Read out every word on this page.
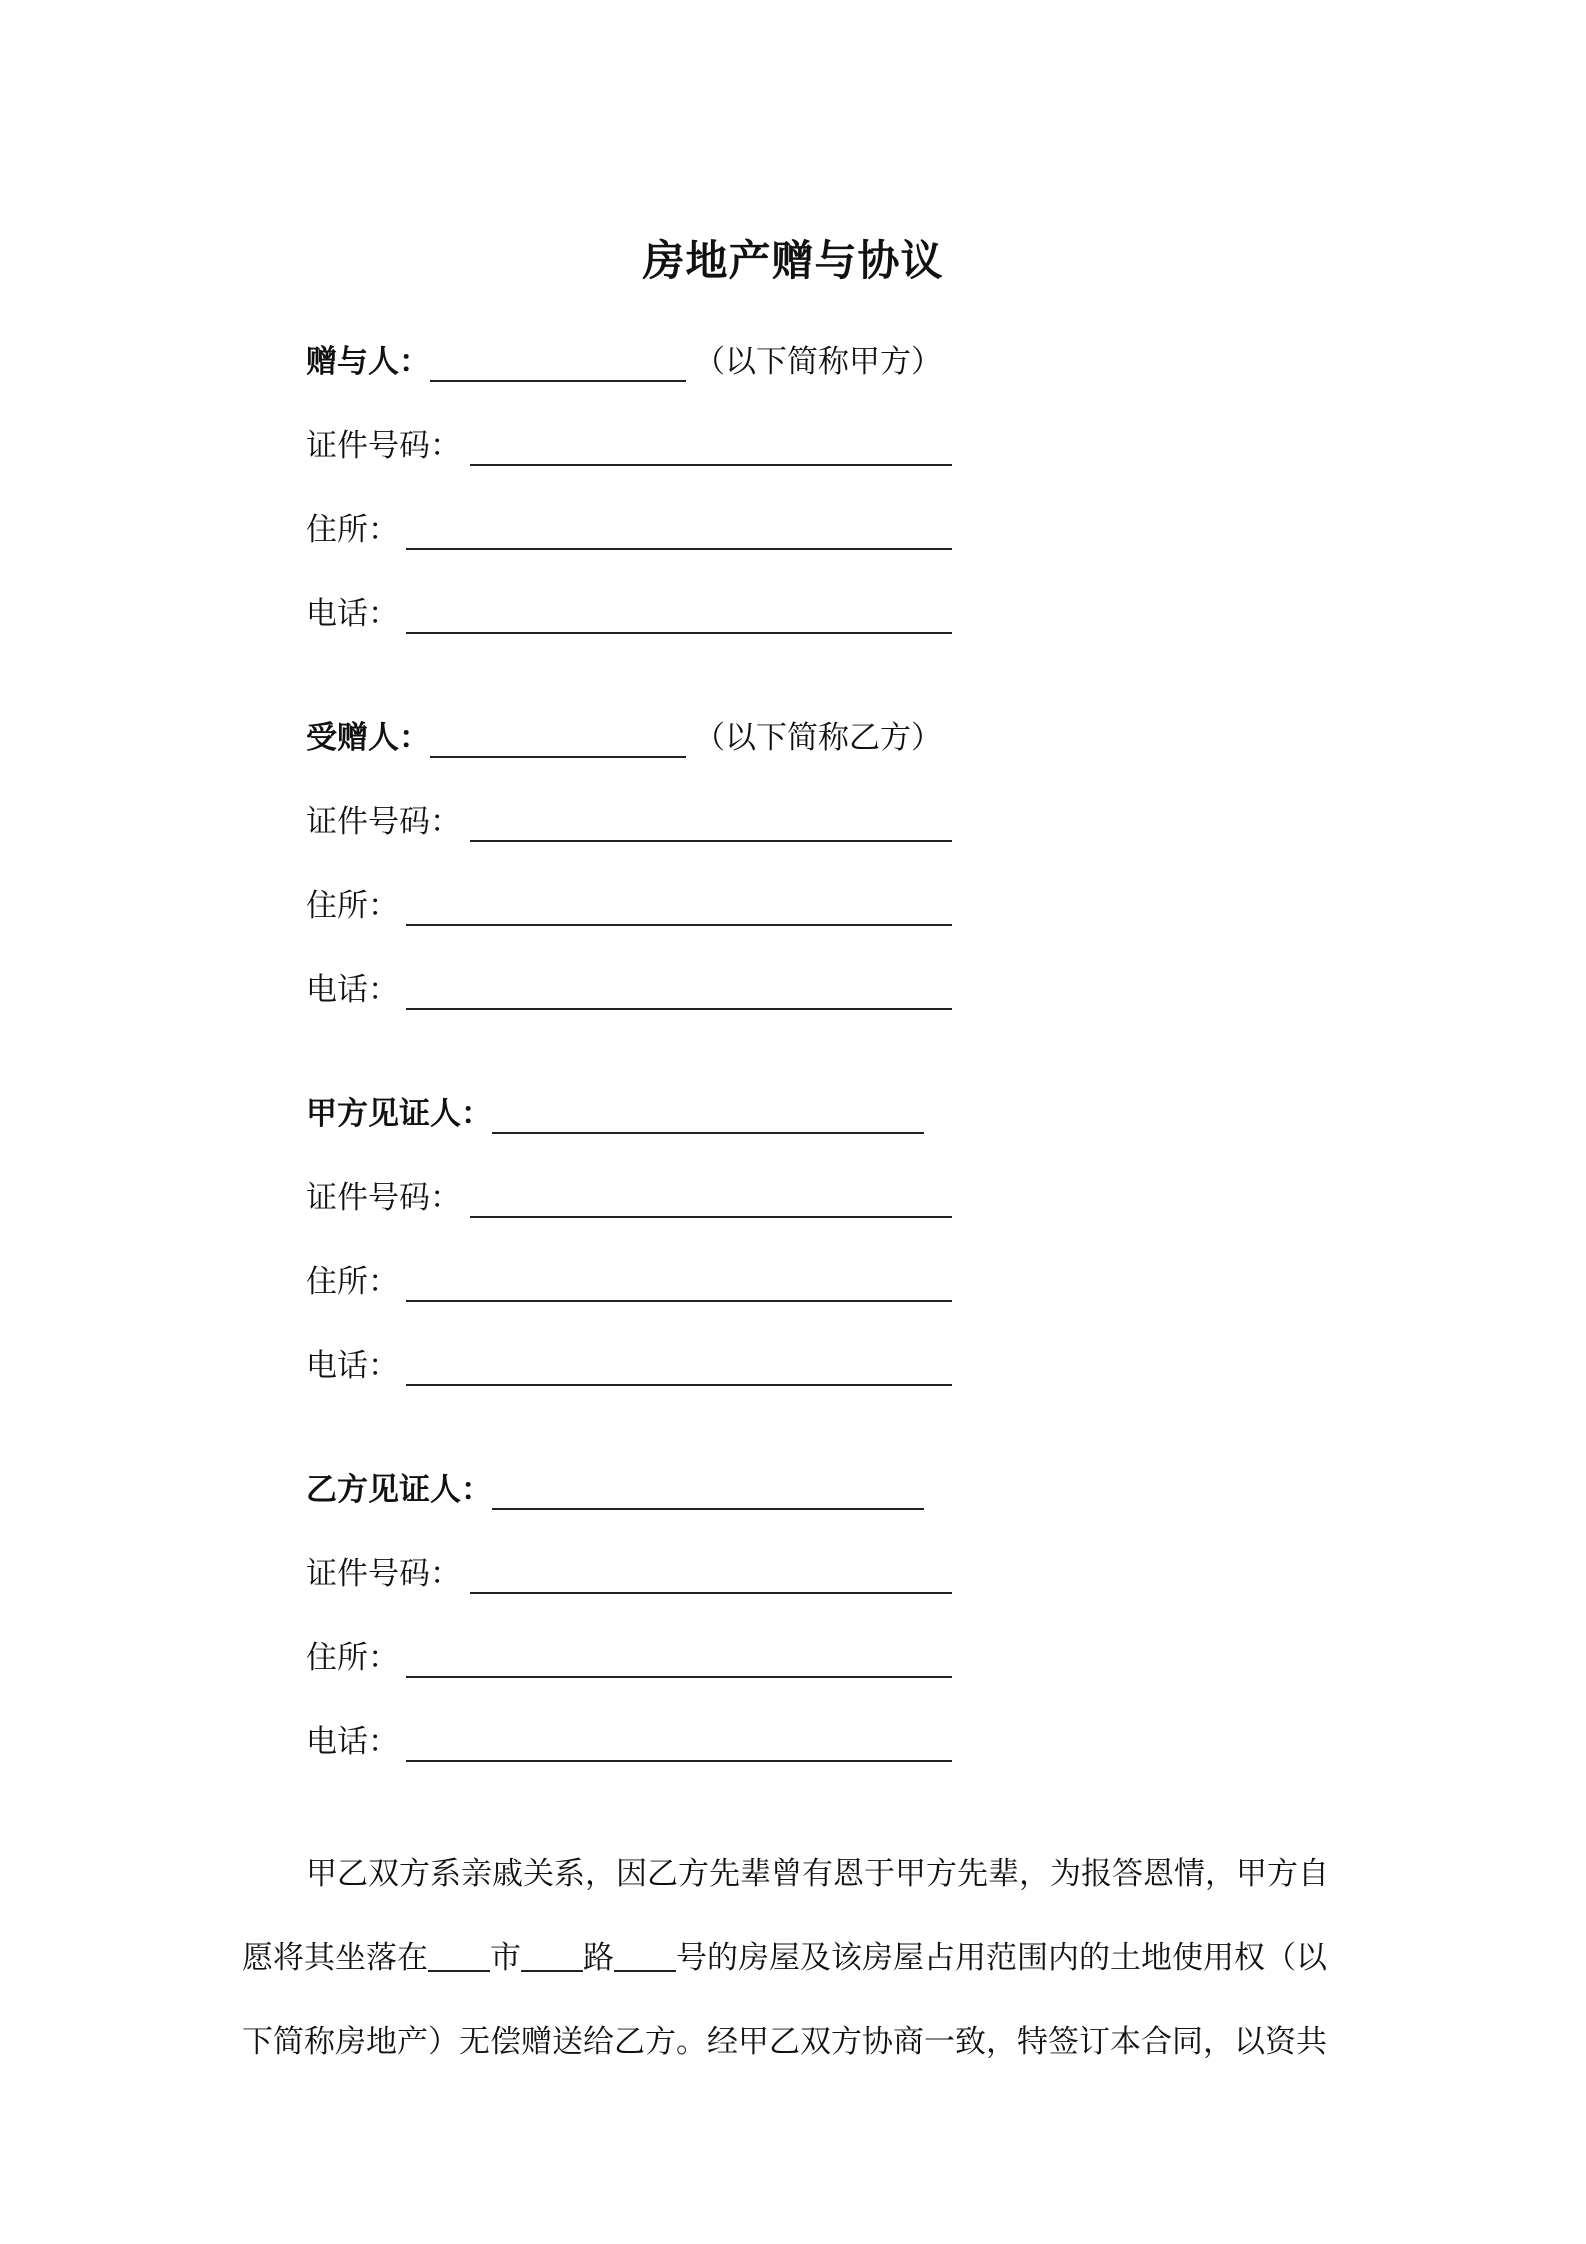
房地产赠与协议
赠与人：	（以下简称甲方）
证件号码：
住所：
电话：
受赠人：	（以下简称乙方）
证件号码：
住所：
电话：
甲方见证人：
证件号码：
住所：
电话：
乙方见证人：
证件号码：
住所：
电话：

甲乙双方系亲戚关系，因乙方先辈曾有恩于甲方先辈，为报答恩情，甲方自

愿将其坐落在 市 路 号的房屋及该房屋占用范围内的土地使用权（以

下简称房地产）无偿赠送给乙方。经甲乙双方协商一致，特签订本合同，以资共
